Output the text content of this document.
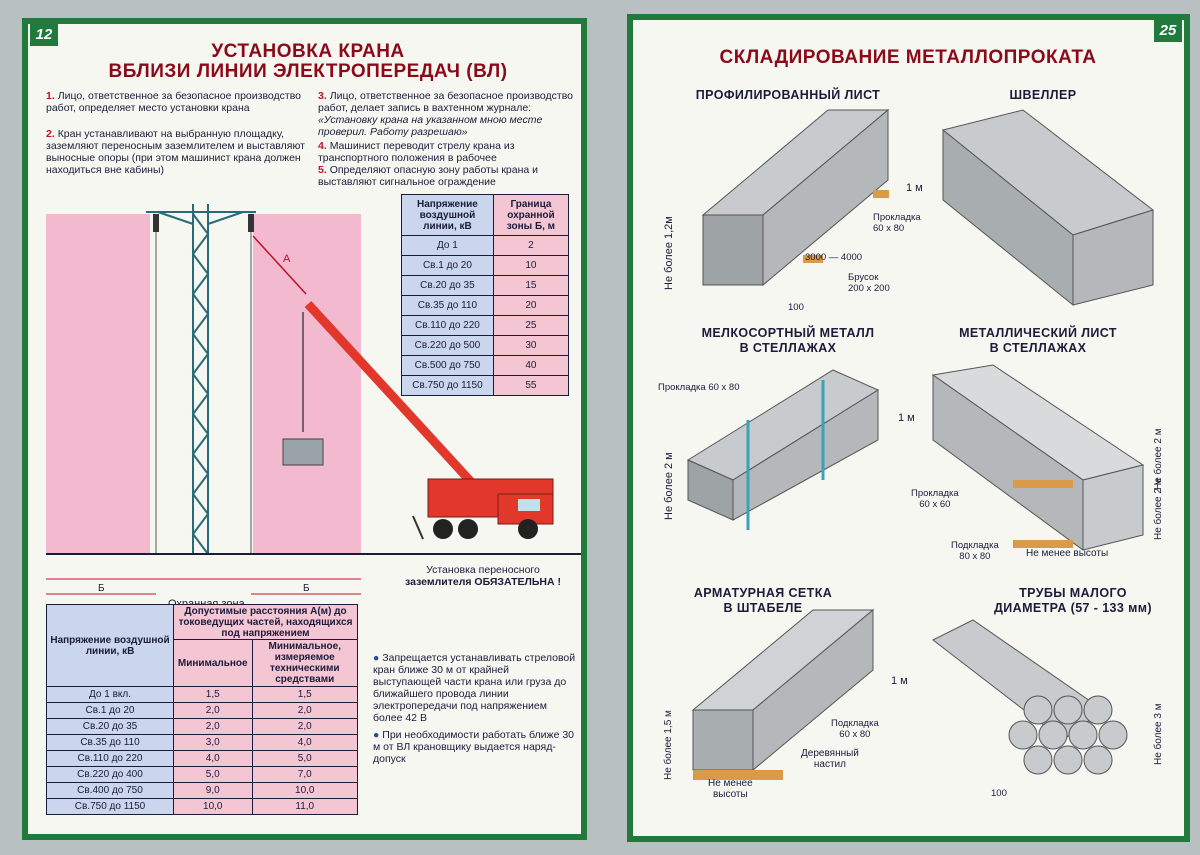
12
УСТАНОВКА КРАНА
ВБЛИЗИ ЛИНИИ ЭЛЕКТРОПЕРЕДАЧ (ВЛ)
1. Лицо, ответственное за безопасное производство работ, определяет место установки крана
2. Кран устанавливают на выбранную площадку, заземляют переносным заземлителем и выставляют выносные опоры (при этом машинист крана должен находиться вне кабины)
3. Лицо, ответственное за безопасное производство работ, делает запись в вахтенном журнале: «Установку крана на указанном мною месте проверил. Работу разрешаю»
4. Машинист переводит стрелу крана из транспортного положения в рабочее
5. Определяют опасную зону работы крана и выставляют сигнальное ограждение
А
Б	Б
Напряжение воздушной линии, кВ	Граница охранной зоны Б, м
До 1	2
Св.1 до 20	10
Св.20 до 35	15
Св.35 до 110	20
Св.110 до 220	25
Св.220 до 500	30
Св.500 до 750	40
Св.750 до 1150	55
Установка переносного
заземлителя ОБЯЗАТЕЛЬНА !
Напряжение воздушной линии, кВ	Допустимые расстояния А(м) до токоведущих частей, находящихся под напряжением	
	Минимальное	Минимальное, измеряемое техническими средствами
До 1 вкл.	1,5	1,5
Св.1 до 20	2,0	2,0
Св.20 до 35	2,0	2,0
Св.35 до 110	3,0	4,0
Св.110 до 220	4,0	5,0
Св.220 до 400	5,0	7,0
Св.400 до 750	9,0	10,0
Св.750 до 1150	10,0	11,0
● Запрещается устанавливать стреловой кран ближе 30 м от крайней выступающей части крана или груза до ближайшего провода линии электропередачи под напряжением более 42 В
● При необходимости работать ближе 30 м от ВЛ крановщику выдается наряд-допуск
25
СКЛАДИРОВАНИЕ МЕТАЛЛОПРОКАТА
ПРОФИЛИРОВАННЫЙ ЛИСТ	ШВЕЛЛЕР
1 м
Не более 1,2м	Прокладка 60 х 80
3000 — 4000
Брусок
200 х 200
100
МЕЛКОСОРТНЫЙ МЕТАЛЛ
В СТЕЛЛАЖАХ
МЕТАЛЛИЧЕСКИЙ ЛИСТ
В СТЕЛЛАЖАХ
Прокладка 60 х 80
1 м
Не более 2 м	Прокладка
60 х 60
Подкладка
80 х 80	Не менее высоты
Не более 2 м
Не более 2 м
АРМАТУРНАЯ СЕТКА
В ШТАБЕЛЕ
ТРУБЫ МАЛОГО
ДИАМЕТРА (57 - 133 мм)
1 м
Не более 1,5 м	Подкладка
60 х 80
Деревянный
настил
Не менее
высоты
Не более 3 м
100
